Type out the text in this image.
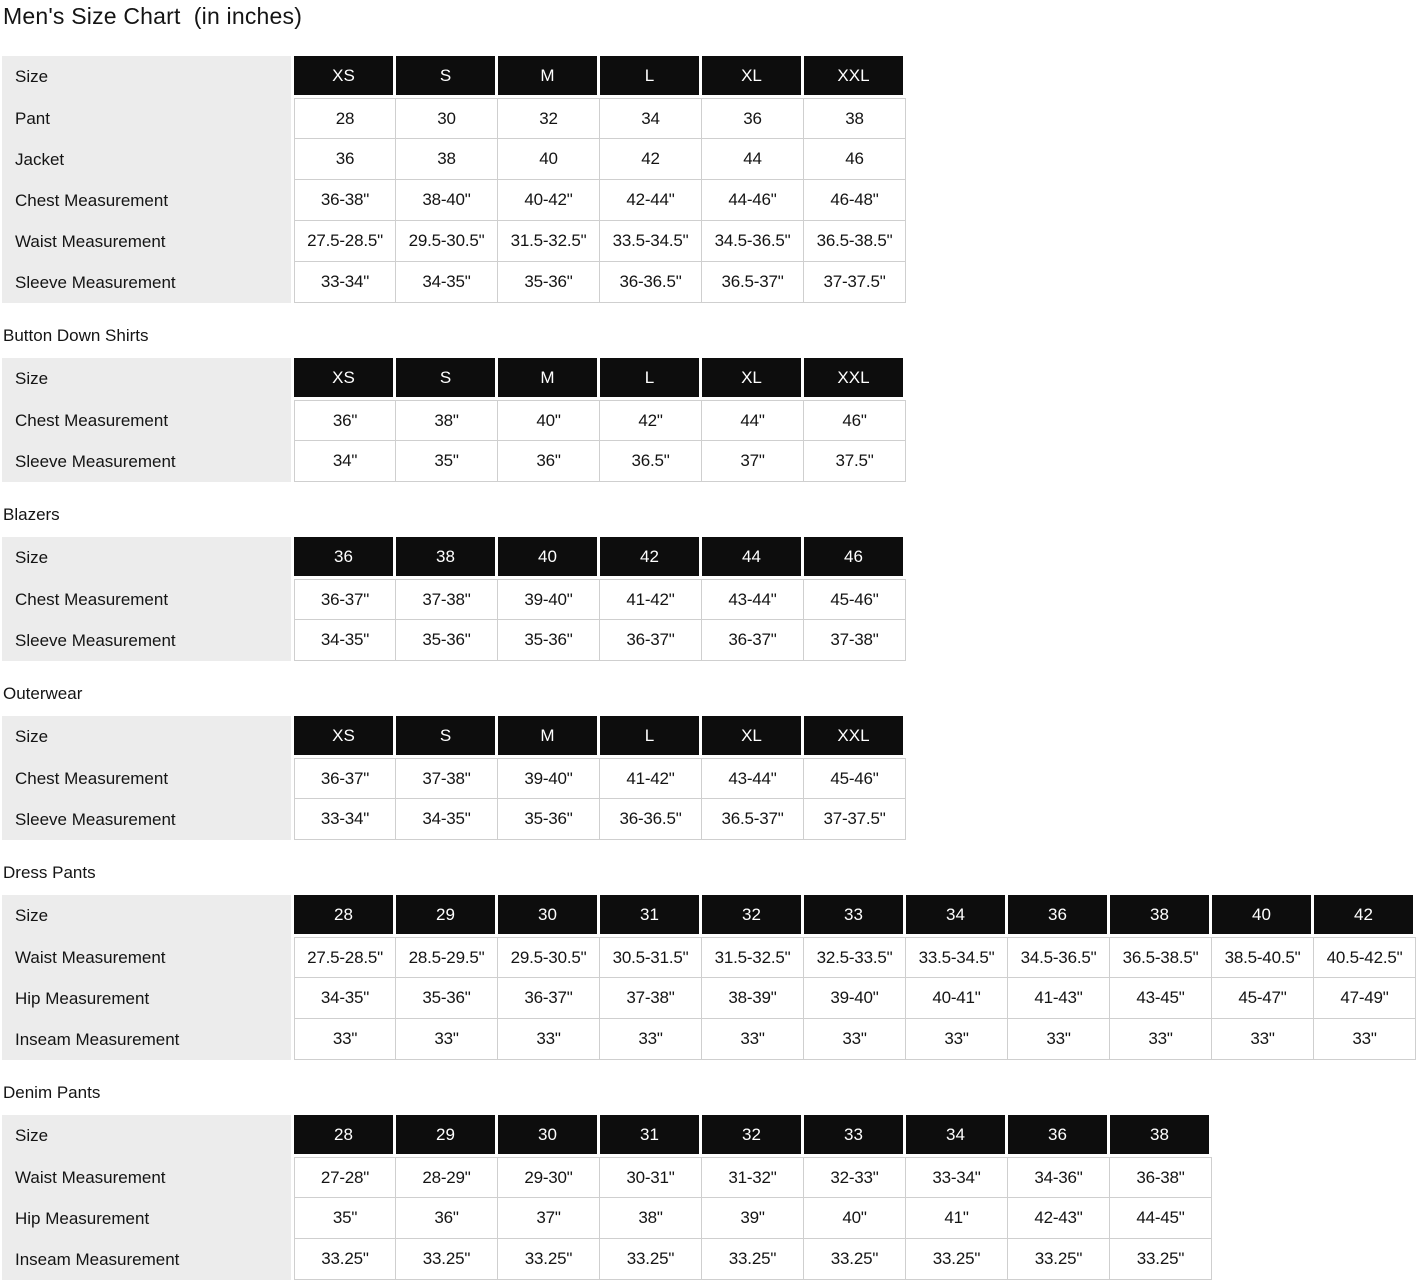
Men's Size Chart  (in inches)
Size	XS	S	M	L	XL	XXL
Pant	28	30	32	34	36	38
Jacket	36	38	40	42	44	46
Chest Measurement	36-38"	38-40"	40-42"	42-44"	44-46"	46-48"
Waist Measurement	27.5-28.5"	29.5-30.5"	31.5-32.5"	33.5-34.5"	34.5-36.5"	36.5-38.5"
Sleeve Measurement	33-34"	34-35"	35-36"	36-36.5"	36.5-37"	37-37.5"
Button Down Shirts
Size	XS	S	M	L	XL	XXL
Chest Measurement	36"	38"	40"	42"	44"	46"
Sleeve Measurement	34"	35"	36"	36.5"	37"	37.5"
Blazers
Size	36	38	40	42	44	46
Chest Measurement	36-37"	37-38"	39-40"	41-42"	43-44"	45-46"
Sleeve Measurement	34-35"	35-36"	35-36"	36-37"	36-37"	37-38"
Outerwear
Size	XS	S	M	L	XL	XXL
Chest Measurement	36-37"	37-38"	39-40"	41-42"	43-44"	45-46"
Sleeve Measurement	33-34"	34-35"	35-36"	36-36.5"	36.5-37"	37-37.5"
Dress Pants
Size	28	29	30	31	32	33	34	36	38	40	42
Waist Measurement	27.5-28.5"	28.5-29.5"	29.5-30.5"	30.5-31.5"	31.5-32.5"	32.5-33.5"	33.5-34.5"	34.5-36.5"	36.5-38.5"	38.5-40.5"	40.5-42.5"
Hip Measurement	34-35"	35-36"	36-37"	37-38"	38-39"	39-40"	40-41"	41-43"	43-45"	45-47"	47-49"
Inseam Measurement	33"	33"	33"	33"	33"	33"	33"	33"	33"	33"	33"
Denim Pants
Size	28	29	30	31	32	33	34	36	38
Waist Measurement	27-28"	28-29"	29-30"	30-31"	31-32"	32-33"	33-34"	34-36"	36-38"
Hip Measurement	35"	36"	37"	38"	39"	40"	41"	42-43"	44-45"
Inseam Measurement	33.25"	33.25"	33.25"	33.25"	33.25"	33.25"	33.25"	33.25"	33.25"
